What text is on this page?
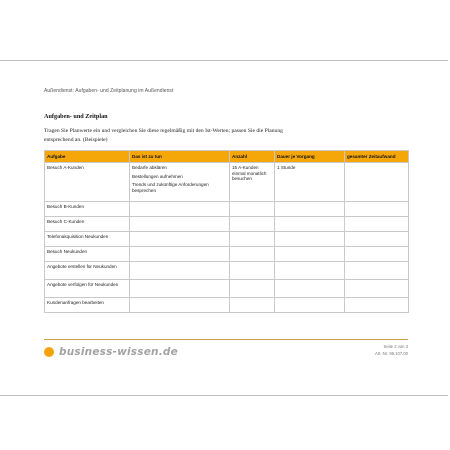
Außendienst: Aufgaben- und Zeitplanung im Außendienst
Aufgaben- und Zeitplan
Tragen Sie Planwerte ein und vergleichen Sie diese regelmäßig mit den Ist-Werten; passen Sie die Planung entsprechend an. (Beispiele)
Aufgabe	Das ist zu tun	Anzahl	Dauer je Vorgang	gesamter Zeitaufwand
Besuch A-Kunden	Bedarfe abklären
Bestellungen aufnehmen
Trends und zukünftige Anforderungen besprechen	15 A-Kunden einmal monatlich besuchen	1 Stunde	
Besuch B-Kunden				
Besuch C-Kunden				
Telefonakquisition Neukunden				
Besuch Neukunden				
Angebote erstellen für Neukunden				
Angebote verfolgen für Neukunden				
Kundenanfragen bearbeiten				
business-wissen.de	Seite 2 von 3
Art.-Nr. 99.107.00
